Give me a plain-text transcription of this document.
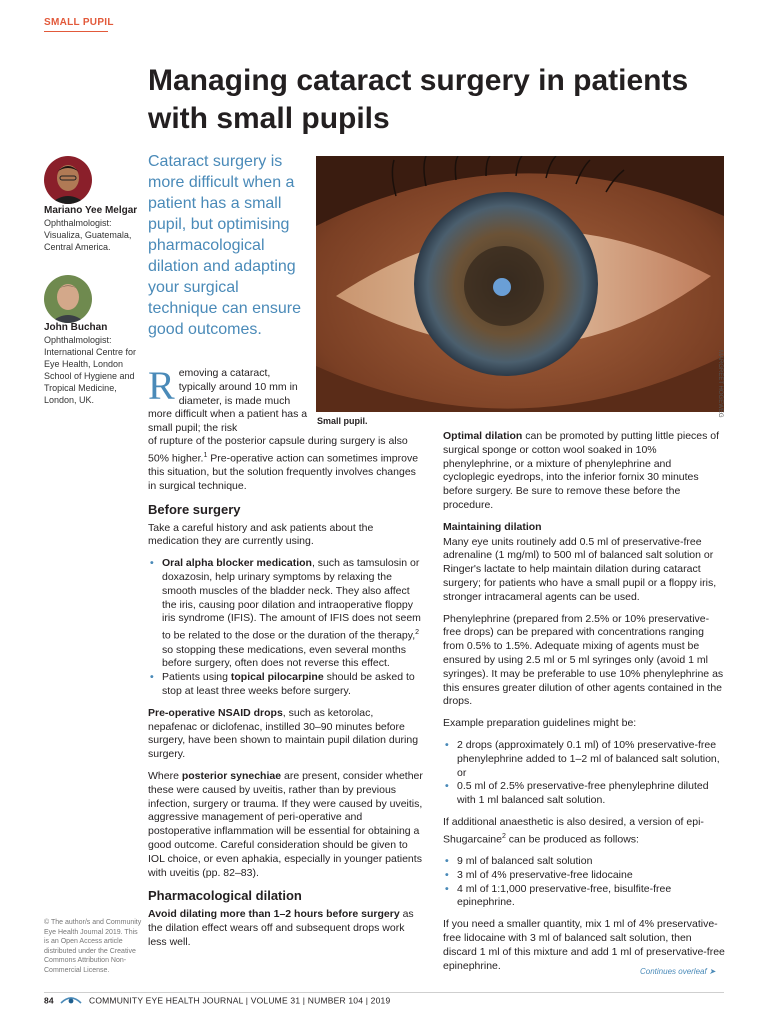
SMALL PUPIL
Managing cataract surgery in patients with small pupils
Mariano Yee Melgar
Ophthalmologist: Visualiza, Guatemala, Central America.
John Buchan
Ophthalmologist: International Centre for Eye Health, London School of Hygiene and Tropical Medicine, London, UK.
Cataract surgery is more difficult when a patient has a small pupil, but optimising pharmacological dilation and adapting your surgical technique can ensure good outcomes.
MARGREET HOGEWEG
Small pupil.
Removing a cataract, typically around 10 mm in diameter, is made much more difficult when a patient has a small pupil; the risk

of rupture of the posterior capsule during surgery is also 50% higher.$^1$ Pre-operative action can sometimes improve this situation, but the solution frequently involves changes in surgical technique.

Before surgery

Take a careful history and ask patients about the medication they are currently using.

• Oral alpha blocker medication, such as tamsulosin or doxazosin, help urinary symptoms by relaxing the smooth muscles of the bladder neck. They also affect the iris, causing poor dilation and intraoperative floppy iris syndrome (IFIS). The amount of IFIS does not seem to be related to the dose or the duration of the therapy,$^2$ so stopping these medications, even several months before surgery, often does not reverse this effect.
• Patients using topical pilocarpine should be asked to stop at least three weeks before surgery.

Pre-operative NSAID drops, such as ketorolac, nepafenac or diclofenac, instilled 30–90 minutes before surgery, have been shown to maintain pupil dilation during surgery.

Where posterior synechiae are present, consider whether these were caused by uveitis, rather than by previous infection, surgery or trauma. If they were caused by uveitis, aggressive management of peri-operative and postoperative inflammation will be essential for obtaining a good outcome. Careful consideration should be given to IOL choice, or even aphakia, especially in younger patients with uveitis (pp. 82–83).

Pharmacological dilation

Avoid dilating more than 1–2 hours before surgery as the dilation effect wears off and subsequent drops work less well.

Optimal dilation can be promoted by putting little pieces of surgical sponge or cotton wool soaked in 10% phenylephrine, or a mixture of phenylephrine and cycloplegic eyedrops, into the inferior fornix 30 minutes before surgery. Be sure to remove these before the procedure.

Maintaining dilation

Many eye units routinely add 0.5 ml of preservative-free adrenaline (1 mg/ml) to 500 ml of balanced salt solution or Ringer's lactate to help maintain dilation during cataract surgery; for patients who have a small pupil or a floppy iris, stronger intracameral agents can be used.

Phenylephrine (prepared from 2.5% or 10% preservative-free drops) can be prepared with concentrations ranging from 0.5% to 1.5%. Adequate mixing of agents must be ensured by using 2.5 ml or 5 ml syringes only (avoid 1 ml syringes). It may be preferable to use 10% phenylephrine as this ensures greater dilution of other agents contained in the drops.

Example preparation guidelines might be:

• 2 drops (approximately 0.1 ml) of 10% preservative-free phenylephrine added to 1–2 ml of balanced salt solution, or
• 0.5 ml of 2.5% preservative-free phenylephrine diluted with 1 ml balanced salt solution.

If additional anaesthetic is also desired, a version of epi-Shugarcaine$^2$ can be produced as follows:

• 9 ml of balanced salt solution
• 3 ml of 4% preservative-free lidocaine
• 4 ml of 1:1,000 preservative-free, bisulfite-free epinephrine.

If you need a smaller quantity, mix 1 ml of 4% preservative-free lidocaine with 3 ml of balanced salt solution, then discard 1 ml of this mixture and add 1 ml of preservative-free epinephrine.

© The author/s and Community Eye Health Journal 2019. This is an Open Access article distributed under the Creative Commons Attribution Non-Commercial License.	Continues overleaf ➤
84	COMMUNITY EYE HEALTH JOURNAL | VOLUME 31 | NUMBER 104 | 2019
